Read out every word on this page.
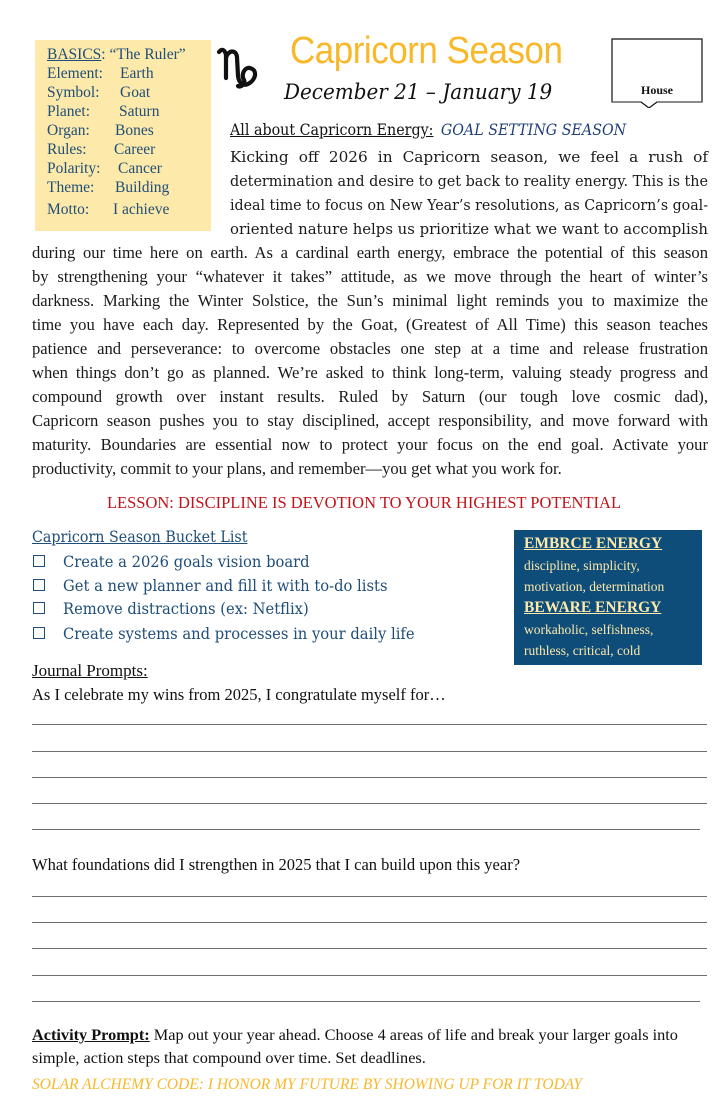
BASICS: “The Ruler”
Element: Earth
Symbol: Goat
Planet: Saturn
Organ: Bones
Rules: Career
Polarity: Cancer
Theme: Building
Motto: I achieve
Capricorn Season
December 21 – January 19	House
All about Capricorn Energy: GOAL SETTING SEASON
Kicking off 2026 in Capricorn season, we feel a rush of
determination and desire to get back to reality energy. This is the
ideal time to focus on New Year’s resolutions, as Capricorn’s goal-
oriented nature helps us prioritize what we want to accomplish
during our time here on earth. As a cardinal earth energy, embrace the potential of this season
by strengthening your “whatever it takes” attitude, as we move through the heart of winter’s
darkness. Marking the Winter Solstice, the Sun’s minimal light reminds you to maximize the
time you have each day. Represented by the Goat, (Greatest of All Time) this season teaches
patience and perseverance: to overcome obstacles one step at a time and release frustration
when things don’t go as planned. We’re asked to think long-term, valuing steady progress and
compound growth over instant results. Ruled by Saturn (our tough love cosmic dad),
Capricorn season pushes you to stay disciplined, accept responsibility, and move forward with
maturity. Boundaries are essential now to protect your focus on the end goal. Activate your
productivity, commit to your plans, and remember—you get what you work for.
LESSON: DISCIPLINE IS DEVOTION TO YOUR HIGHEST POTENTIAL
Capricorn Season Bucket List
Create a 2026 goals vision board
Get a new planner and fill it with to-do lists
Remove distractions (ex: Netflix)
Create systems and processes in your daily life
EMBRCE ENERGY
discipline, simplicity,
motivation, determination
BEWARE ENERGY
workaholic, selfishness,
ruthless, critical, cold
Journal Prompts:
As I celebrate my wins from 2025, I congratulate myself for…
What foundations did I strengthen in 2025 that I can build upon this year?
Activity Prompt: Map out your year ahead. Choose 4 areas of life and break your larger goals into simple, action steps that compound over time. Set deadlines.
SOLAR ALCHEMY CODE: I HONOR MY FUTURE BY SHOWING UP FOR IT TODAY
